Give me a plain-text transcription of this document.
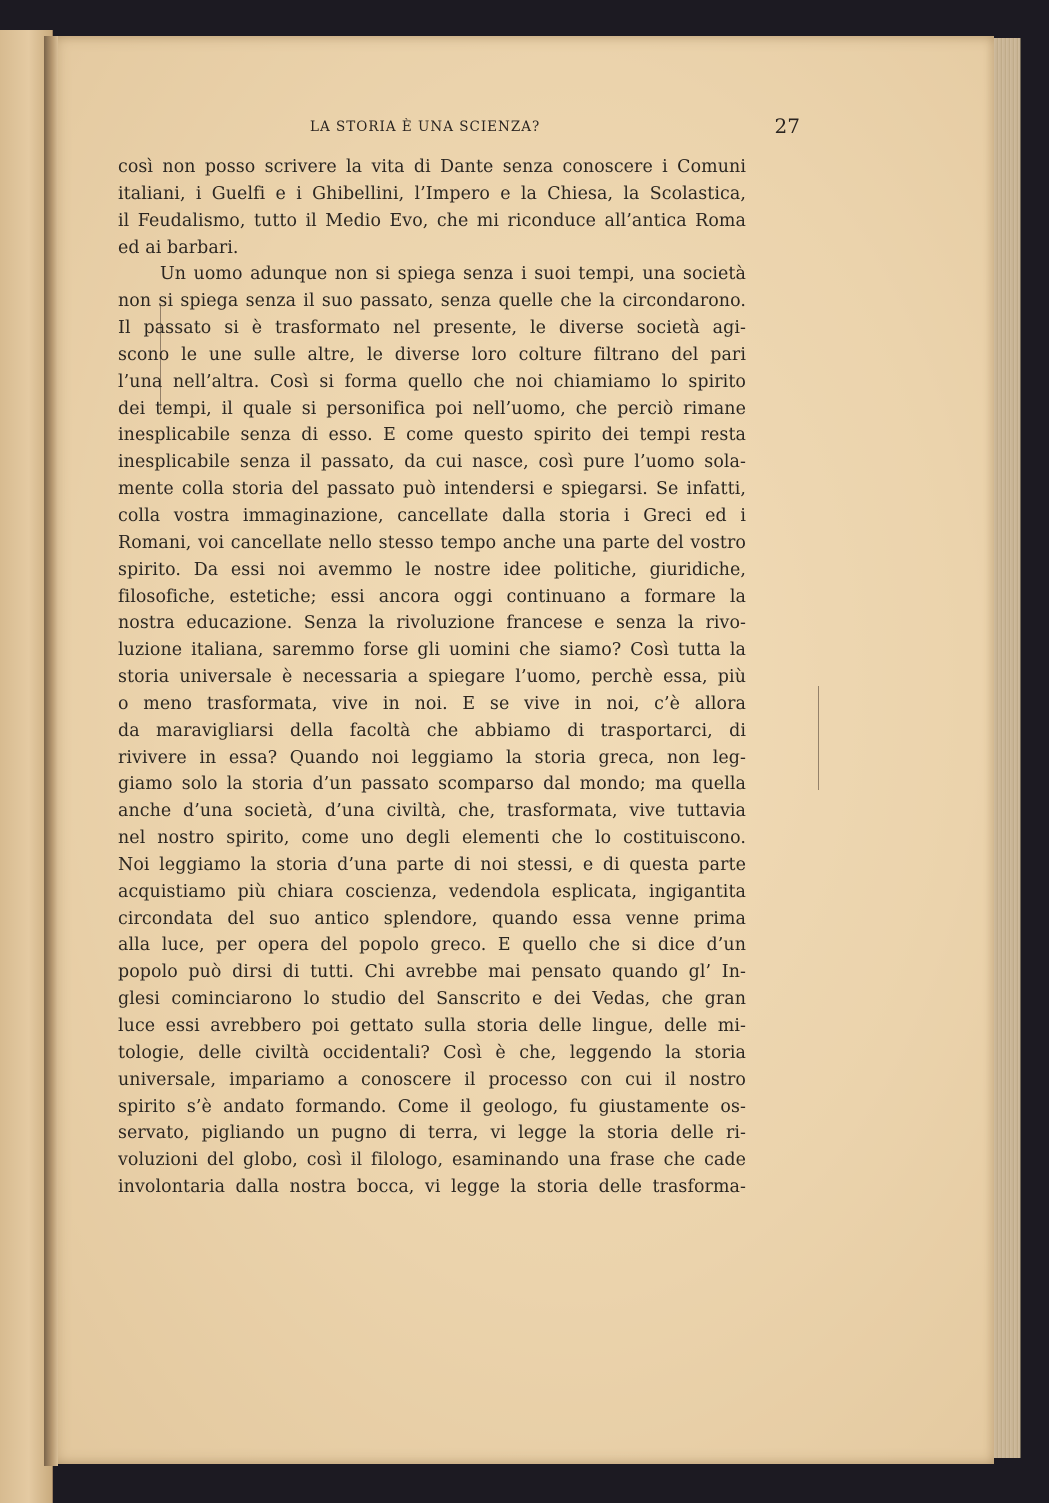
LA STORIA È UNA SCIENZA?	27
così non posso scrivere la vita di Dante senza conoscere i Comuni
italiani, i Guelfi e i Ghibellini, l’Impero e la Chiesa, la Scolastica,
il Feudalismo, tutto il Medio Evo, che mi riconduce all’antica Roma
ed ai barbari.
Un uomo adunque non si spiega senza i suoi tempi, una società
non si spiega senza il suo passato, senza quelle che la circondarono.
Il passato si è trasformato nel presente, le diverse società agi-
scono le une sulle altre, le diverse loro colture filtrano del pari
l’una nell’altra. Così si forma quello che noi chiamiamo lo spirito
dei tempi, il quale si personifica poi nell’uomo, che perciò rimane
inesplicabile senza di esso. E come questo spirito dei tempi resta
inesplicabile senza il passato, da cui nasce, così pure l’uomo sola-
mente colla storia del passato può intendersi e spiegarsi. Se infatti,
colla vostra immaginazione, cancellate dalla storia i Greci ed i
Romani, voi cancellate nello stesso tempo anche una parte del vostro
spirito. Da essi noi avemmo le nostre idee politiche, giuridiche,
filosofiche, estetiche; essi ancora oggi continuano a formare la
nostra educazione. Senza la rivoluzione francese e senza la rivo-
luzione italiana, saremmo forse gli uomini che siamo? Così tutta la
storia universale è necessaria a spiegare l’uomo, perchè essa, più
o meno trasformata, vive in noi. E se vive in noi, c’è allora
da maravigliarsi della facoltà che abbiamo di trasportarci, di
rivivere in essa? Quando noi leggiamo la storia greca, non leg-
giamo solo la storia d’un passato scomparso dal mondo; ma quella
anche d’una società, d’una civiltà, che, trasformata, vive tuttavia
nel nostro spirito, come uno degli elementi che lo costituiscono.
Noi leggiamo la storia d’una parte di noi stessi, e di questa parte
acquistiamo più chiara coscienza, vedendola esplicata, ingigantita
circondata del suo antico splendore, quando essa venne prima
alla luce, per opera del popolo greco. E quello che si dice d’un
popolo può dirsi di tutti. Chi avrebbe mai pensato quando gl’ In-
glesi cominciarono lo studio del Sanscrito e dei Vedas, che gran
luce essi avrebbero poi gettato sulla storia delle lingue, delle mi-
tologie, delle civiltà occidentali? Così è che, leggendo la storia
universale, impariamo a conoscere il processo con cui il nostro
spirito s’è andato formando. Come il geologo, fu giustamente os-
servato, pigliando un pugno di terra, vi legge la storia delle ri-
voluzioni del globo, così il filologo, esaminando una frase che cade
involontaria dalla nostra bocca, vi legge la storia delle trasforma-
